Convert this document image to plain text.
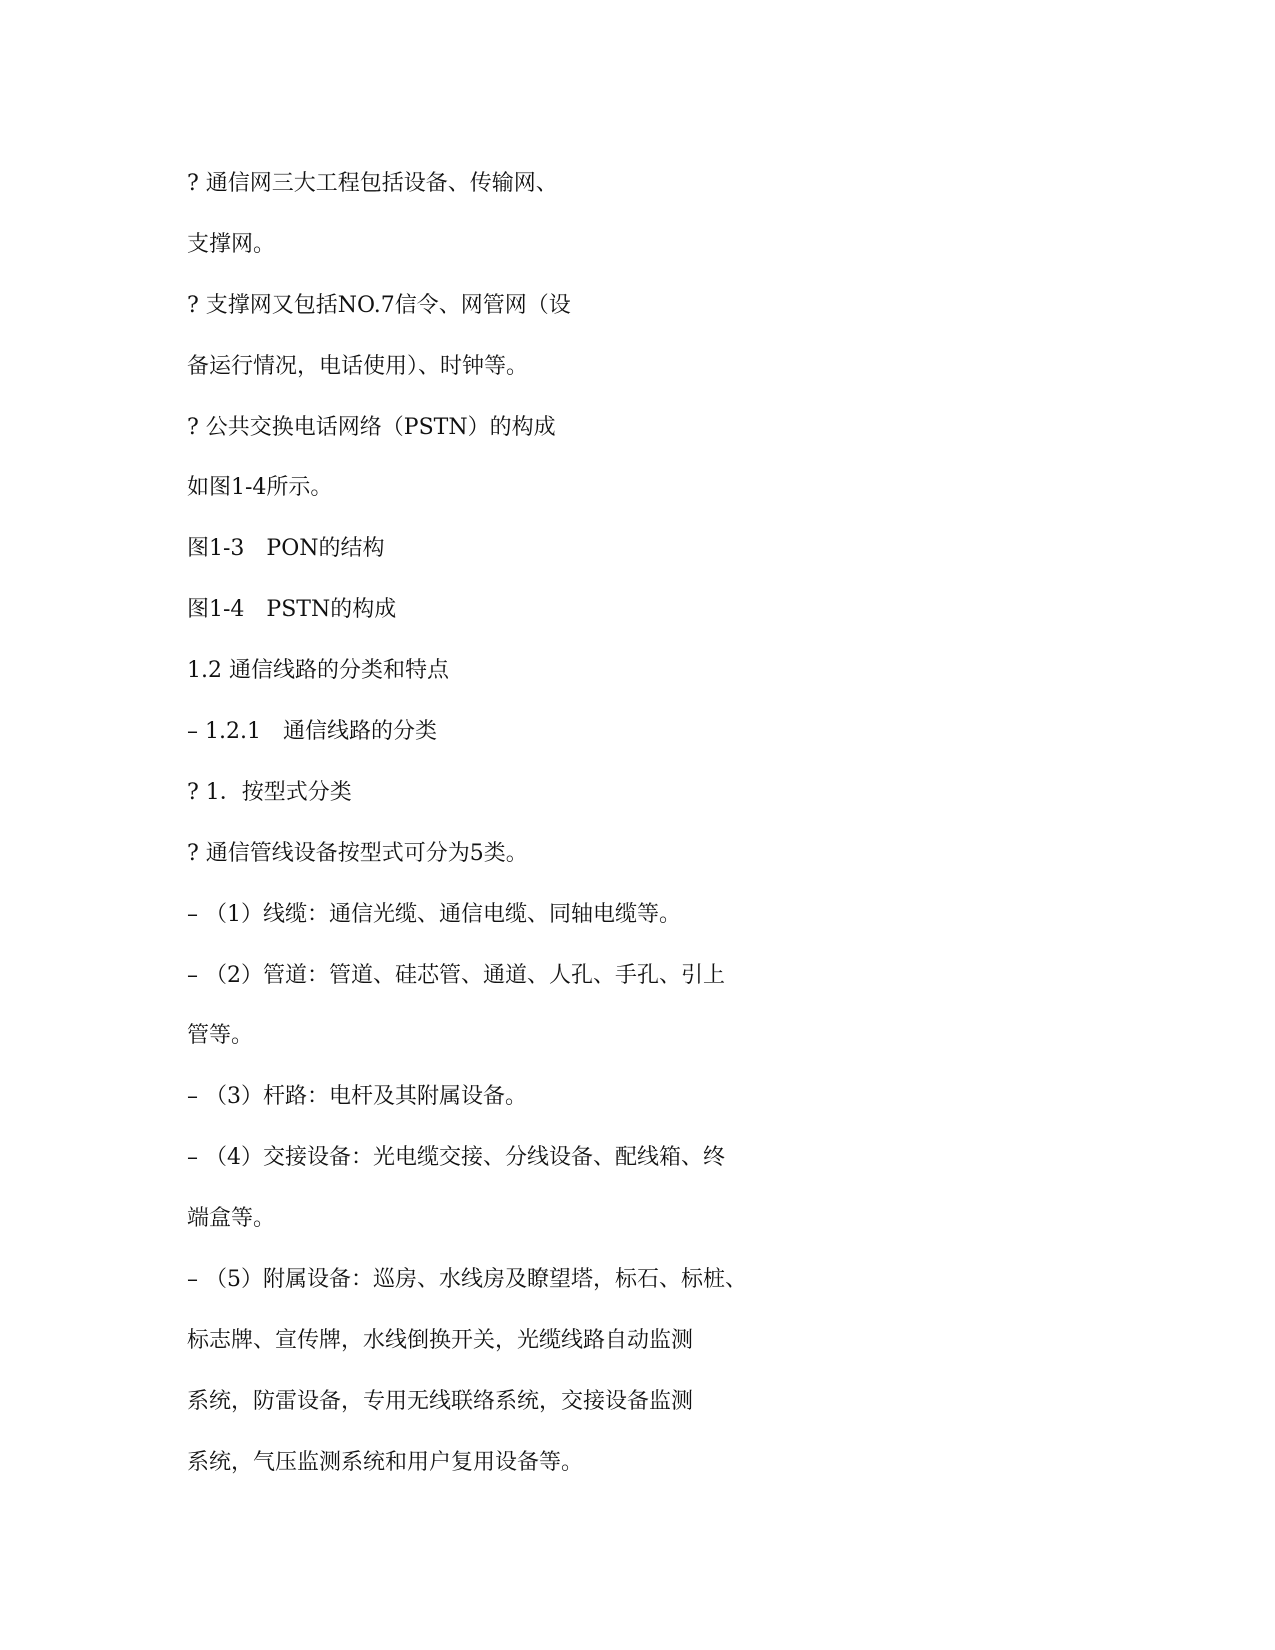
? 通信网三大工程包括设备、传输网、
支撑网。
? 支撑网又包括NO.7信令、网管网（设
备运行情况，电话使用）、时钟等。
? 公共交换电话网络（PSTN）的构成
如图1-4所示。
图1-3　PON的结构
图1-4　PSTN的构成
1.2 通信线路的分类和特点
– 1.2.1　通信线路的分类
? 1．按型式分类
? 通信管线设备按型式可分为5类。
– （1）线缆：通信光缆、通信电缆、同轴电缆等。
– （2）管道：管道、硅芯管、通道、人孔、手孔、引上
管等。
– （3）杆路：电杆及其附属设备。
– （4）交接设备：光电缆交接、分线设备、配线箱、终
端盒等。
– （5）附属设备：巡房、水线房及瞭望塔，标石、标桩、
标志牌、宣传牌，水线倒换开关，光缆线路自动监测
系统，防雷设备，专用无线联络系统，交接设备监测
系统，气压监测系统和用户复用设备等。
